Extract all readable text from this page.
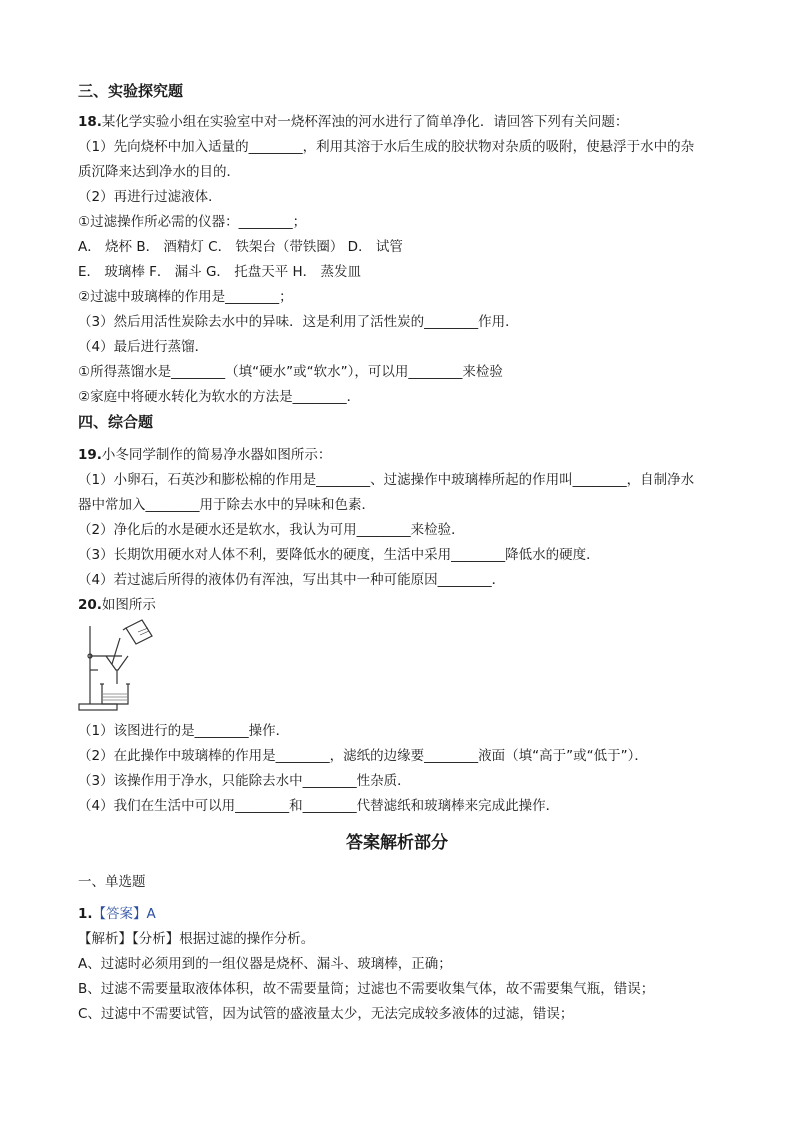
三、实验探究题
18.某化学实验小组在实验室中对一烧杯浑浊的河水进行了简单净化．请回答下列有关问题：
（1）先向烧杯中加入适量的________，利用其溶于水后生成的胶状物对杂质的吸附，使悬浮于水中的杂
质沉降来达到净水的目的．
（2）再进行过滤液体．
①过滤操作所必需的仪器：________；
A． 烧杯 B． 酒精灯 C． 铁架台（带铁圈） D． 试管
E． 玻璃棒 F． 漏斗 G． 托盘天平 H． 蒸发皿
②过滤中玻璃棒的作用是________；
（3）然后用活性炭除去水中的异味．这是利用了活性炭的________作用．
（4）最后进行蒸馏．
①所得蒸馏水是________（填“硬水”或“软水”），可以用________来检验
②家庭中将硬水转化为软水的方法是________．
四、综合题
19.小冬同学制作的简易净水器如图所示：
（1）小卵石，石英沙和膨松棉的作用是________、过滤操作中玻璃棒所起的作用叫________，自制净水
器中常加入________用于除去水中的异味和色素．
（2）净化后的水是硬水还是软水，我认为可用________来检验．
（3）长期饮用硬水对人体不利，要降低水的硬度，生活中采用________降低水的硬度．
（4）若过滤后所得的液体仍有浑浊，写出其中一种可能原因________．
20.如图所示
（1）该图进行的是________操作．
（2）在此操作中玻璃棒的作用是________，滤纸的边缘要________液面（填“高于”或“低于”）．
（3）该操作用于净水，只能除去水中________性杂质．
（4）我们在生活中可以用________和________代替滤纸和玻璃棒来完成此操作．
答案解析部分
一、单选题
1.【答案】A
【解析】【分析】根据过滤的操作分析。
A、过滤时必须用到的一组仪器是烧杯、漏斗、玻璃棒，正确；
B、过滤不需要量取液体体积，故不需要量筒；过滤也不需要收集气体，故不需要集气瓶，错误；
C、过滤中不需要试管，因为试管的盛液量太少，无法完成较多液体的过滤，错误；
